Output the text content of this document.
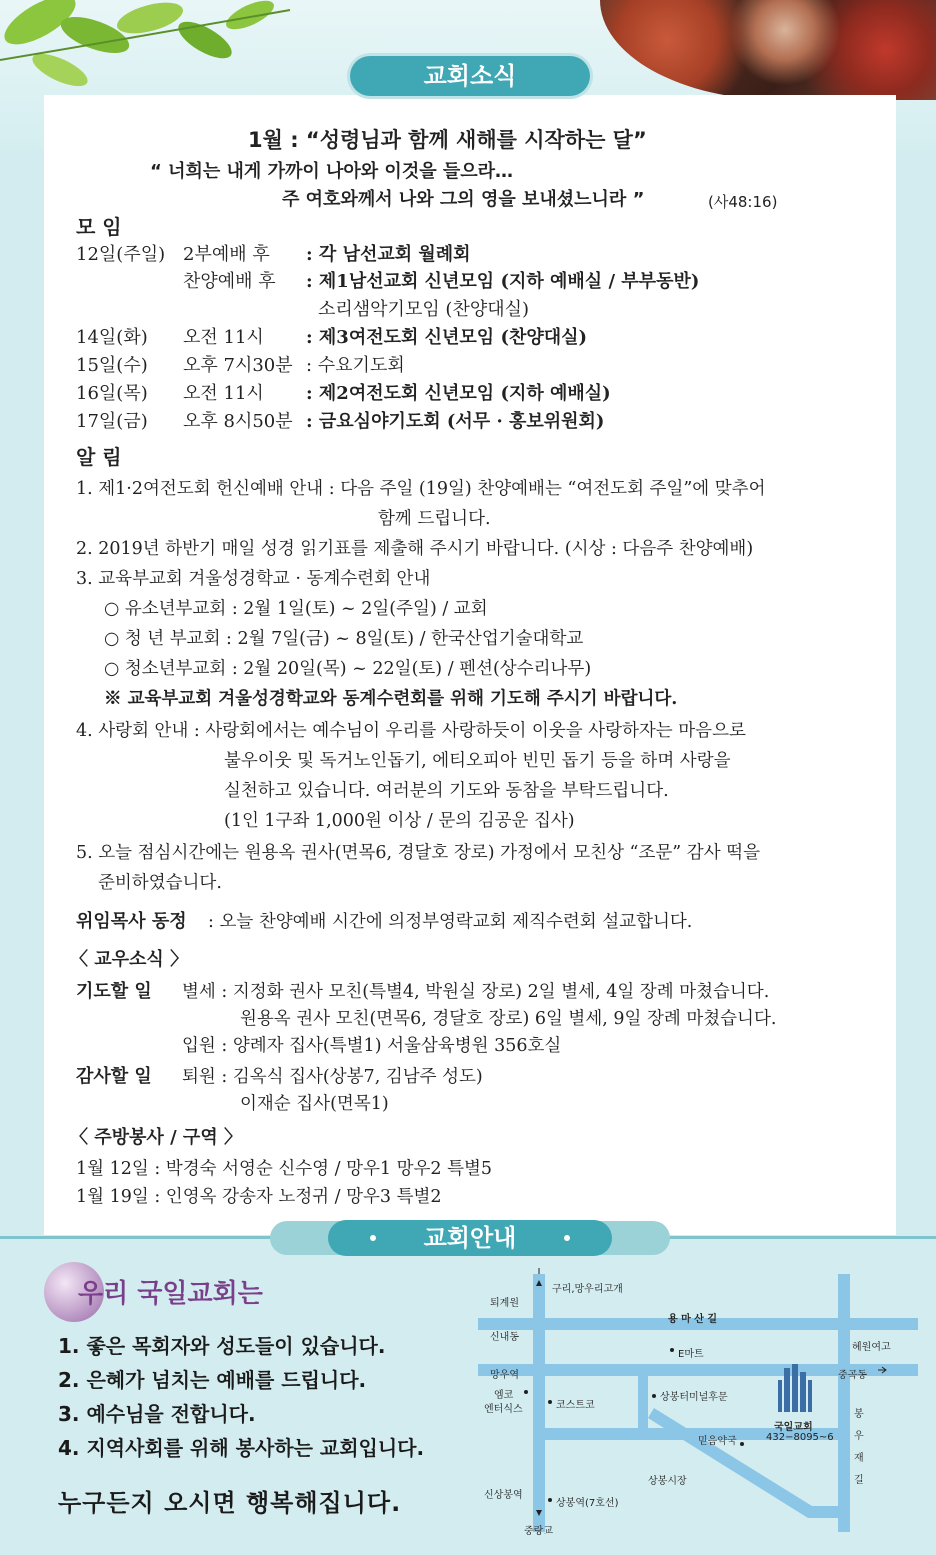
교회소식
1월 : “성령님과 함께 새해를 시작하는 달”
“ 너희는 내게 가까이 나아와 이것을 들으라…
주 여호와께서 나와 그의 영을 보내셨느니라 ”	(사48:16)
모 임
12일(주일) 2부예배 후 : 각 남선교회 월례회
찬양예배 후 : 제1남선교회 신년모임 (지하 예배실 / 부부동반)
소리샘악기모임 (찬양대실)
14일(화) 오전 11시 : 제3여전도회 신년모임 (찬양대실)
15일(수) 오후 7시30분 : 수요기도회
16일(목) 오전 11시 : 제2여전도회 신년모임 (지하 예배실)
17일(금) 오후 8시50분 : 금요심야기도회 (서무 · 홍보위원회)
알 림
1. 제1·2여전도회 헌신예배 안내 : 다음 주일 (19일) 찬양예배는 “여전도회 주일”에 맞추어
함께 드립니다.
2. 2019년 하반기 매일 성경 읽기표를 제출해 주시기 바랍니다. (시상 : 다음주 찬양예배)
3. 교육부교회 겨울성경학교 · 동계수련회 안내
○ 유소년부교회 : 2월 1일(토) ~ 2일(주일) / 교회
○ 청 년 부교회 : 2월 7일(금) ~ 8일(토) / 한국산업기술대학교
○ 청소년부교회 : 2월 20일(목) ~ 22일(토) / 펜션(상수리나무)
※ 교육부교회 겨울성경학교와 동계수련회를 위해 기도해 주시기 바랍니다.
4. 사랑회 안내 : 사랑회에서는 예수님이 우리를 사랑하듯이 이웃을 사랑하자는 마음으로
불우이웃 및 독거노인돕기, 에티오피아 빈민 돕기 등을 하며 사랑을
실천하고 있습니다. 여러분의 기도와 동참을 부탁드립니다.
(1인 1구좌 1,000원 이상 / 문의 김공운 집사)
5. 오늘 점심시간에는 원용옥 권사(면목6, 경달호 장로) 가정에서 모친상 “조문” 감사 떡을
준비하였습니다.
위임목사 동정 : 오늘 찬양예배 시간에 의정부영락교회 제직수련회 설교합니다.
〈 교우소식 〉
기도할 일 별세 : 지정화 권사 모친(특별4, 박원실 장로) 2일 별세, 4일 장례 마쳤습니다.
원용옥 권사 모친(면목6, 경달호 장로) 6일 별세, 9일 장례 마쳤습니다.
입원 : 양례자 집사(특별1) 서울삼육병원 356호실
감사할 일 퇴원 : 김옥식 집사(상봉7, 김남주 성도)
이재순 집사(면목1)
〈 주방봉사 / 구역 〉
1월 12일 : 박경숙 서영순 신수영 / 망우1 망우2 특별5
1월 19일 : 인영옥 강송자 노정귀 / 망우3 특별2
교회안내
우리 국일교회는
1. 좋은 목회자와 성도들이 있습니다.
2. 은혜가 넘치는 예배를 드립니다.
3. 예수님을 전합니다.
4. 지역사회를 위해 봉사하는 교회입니다.
누구든지 오시면 행복해집니다.
구리,망우리고개
퇴계원
용 마 산 길
신내동
혜원여고
E마트
망우역	중곡동
엠코
엔터식스	코스트코
상봉터미널후문
국일교회
432−8095~6
믿음약국
봉
우
재
길
상봉시장
신상봉역
상봉역(7호선)
중랑교
